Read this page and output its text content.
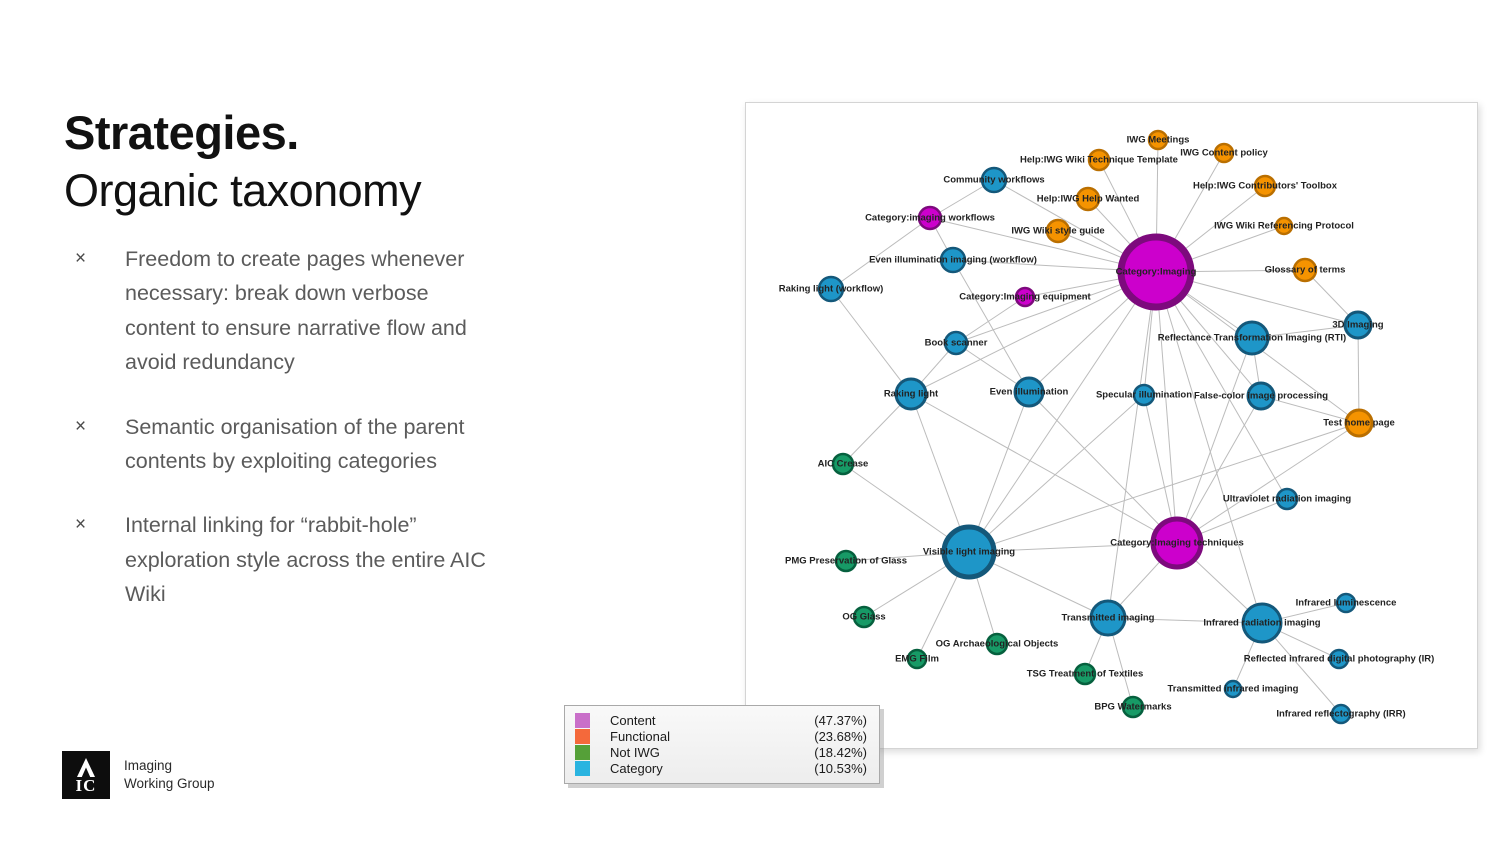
Strategies.
Organic taxonomy
×	Freedom to create pages whenever necessary: break down verbose content to ensure narrative flow and avoid redundancy
×	Semantic organisation of the parent contents by exploiting categories
×	Internal linking for “rabbit-hole” exploration style across the entire AIC Wiki
IWG Meetings
Help:IWG Wiki Technique Template
IWG Content policy
Community workflows
Help:IWG Contributors' Toolbox
Help:IWG Help Wanted
Category:imaging workflows
IWG Wiki style guide	IWG Wiki Referencing Protocol
Even illumination imaging (workflow)
Category:Imaging	Glossary of terms
Raking light (workflow)
Category:Imaging equipment
Book scanner
3D Imaging
Reflectance Transformation Imaging (RTI)
Raking light	Even illumination	Specular illumination False-color image processing
Test home page
AIC Crease
Ultraviolet radiation imaging
PMG Preservation of Glass
Visible light imaging
Category:Imaging techniques
OG Glass	Transmitted imaging
OG Archaeological Objects
EMG Film
Infrared radiation imaging
Infrared luminescence
TSG Treatment of Textiles
Reflected infrared digital photography (IR)
Transmitted infrared imaging
BPG Watermarks
Infrared reflectography (IRR)
Content	(47.37%)
Functional	(23.68%)
Not IWG	(18.42%)
Category	(10.53%)
IC
Imaging
Working Group
